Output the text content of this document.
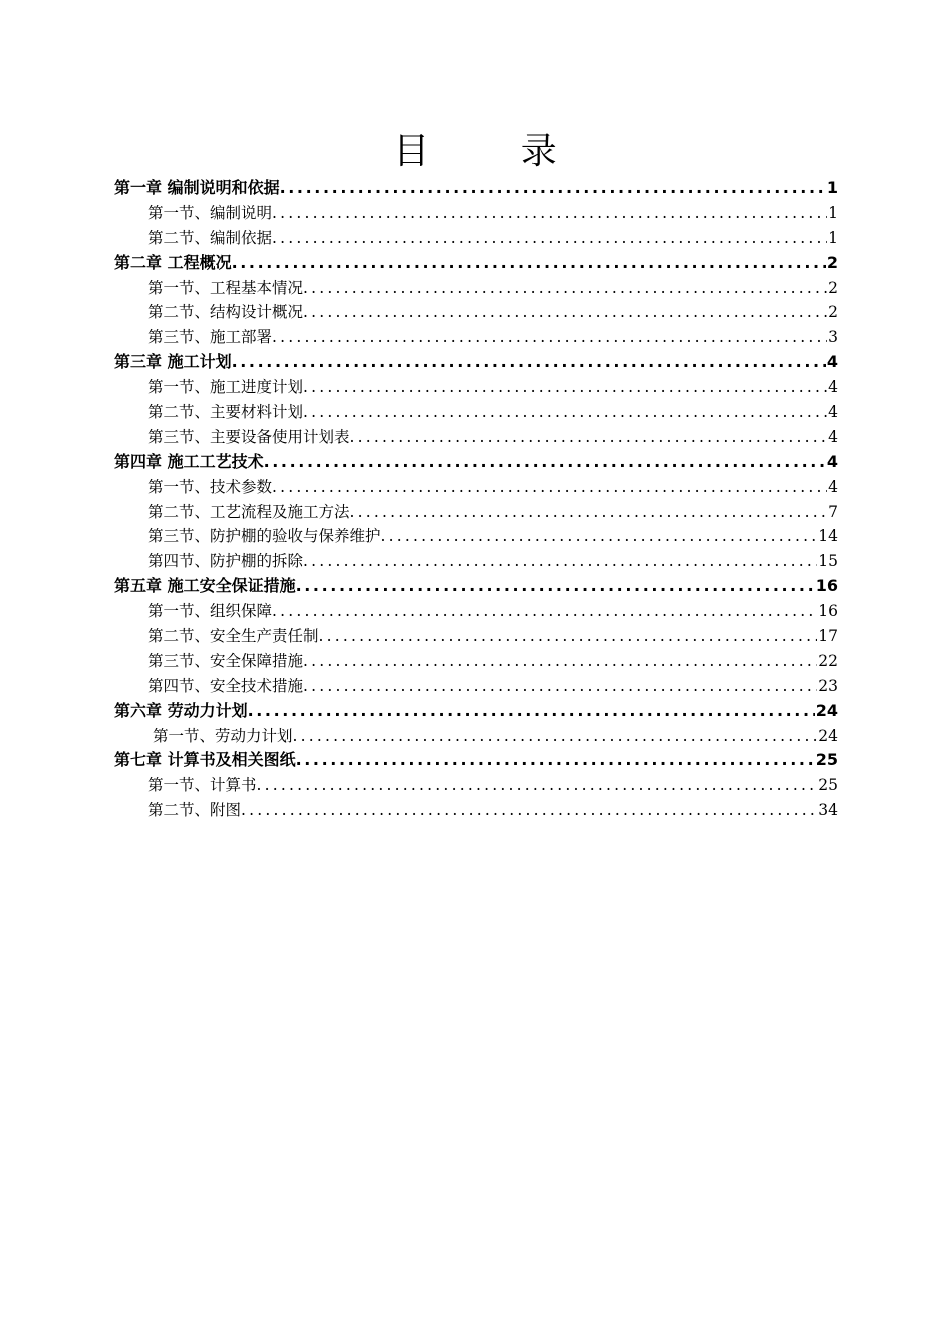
目 录
第一章 编制说明和依据 .....	1
第一节、编制说明 .....	1
第二节、编制依据 .....	1
第二章 工程概况 .....	2
第一节、工程基本情况 .....	2
第二节、结构设计概况 .....	2
第三节、施工部署 .....	3
第三章 施工计划 .....	4
第一节、施工进度计划 .....	4
第二节、主要材料计划 .....	4
第三节、主要设备使用计划表 .....	4
第四章 施工工艺技术 .....	4
第一节、技术参数 .....	4
第二节、工艺流程及施工方法 .....	7
第三节、防护棚的验收与保养维护 .....	14
第四节、防护棚的拆除 .....	15
第五章 施工安全保证措施 .....	16
第一节、组织保障 .....	16
第二节、安全生产责任制 .....	17
第三节、安全保障措施 .....	22
第四节、安全技术措施 .....	23
第六章 劳动力计划 .....	24
第一节、劳动力计划 .....	24
第七章 计算书及相关图纸 .....	25
第一节、计算书 .....	25
第二节、附图 .....	34
